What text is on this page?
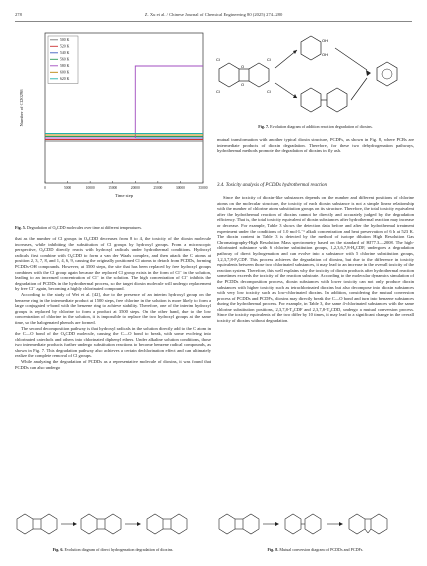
278	Z. Xu et al. / Chinese Journal of Chemical Engineering 80 (2025) 274–280
0	5000	10000	15000	20000	25000	30000	35000
Time step
Number of Cl20298
500 K
520 K
540 K
560 K
580 K
600 K
620 K
Fig. 5. Degradation of O₈CDD molecules over time at different temperatures.
O
O
Cl	Cl
Cl	Cl
OH
OH
Fig. 7. Evolution diagram of addition reaction degradation of dioxins.

that as the number of Cl groups in O₈CDD decreases from 8 to 4, the toxicity of the dioxin molecule increases, while inhibiting the substitution of Cl groups by hydroxyl groups. From a microscopic perspective, O₈CDD directly reacts with hydroxyl radicals under hydrothermal conditions. Hydroxyl radicals first combine with O₈CDD to form a van der Waals complex, and then attack the C atoms at position 2, 3, 7, 8, and 1, 4, 6, 9, causing the originally positioned Cl atoms to detach from PCDDs, forming PCDDs-OH compounds. However, at 3500 steps, the site that has been replaced by free hydroxyl groups combines with the Cl group again because the replaced Cl group exists in the form of Cl⁻ in the solution, leading to an increased concentration of Cl⁻ in the solution. The high concentration of Cl⁻ inhibits the degradation of PCDDs in the hydrothermal process, so the target dioxin molecule will undergo replacement by free Cl⁻ again, becoming a highly chlorinated compound.

According to the study of Wei et al. [42], due to the presence of an interim hydroxyl group on the benzene ring in the intermediate product at 1500 steps, free chlorine in the solution is more likely to form a large conjugated π-bond with the benzene ring to achieve stability. Therefore, one of the interim hydroxyl groups is replaced by chlorine to form a product at 3500 steps. On the other hand, due to the low concentration of chlorine in the solution, it is impossible to replace the two hydroxyl groups at the same time, so the halogenated phenols are formed.

The second decomposition pathway is that hydroxyl radicals in the solution directly add to the C atom in the C—O bond of the O₈CDD molecule, causing the C—O bond to break, with some evolving into chlorinated catechols and others into chlorinated diphenyl ethers. Under alkaline solution conditions, those two intermediate products further undergo substitution reactions to become benzene radical compounds, as shown in Fig. 7. This degradation pathway also achieves a certain dechlorination effect and can ultimately realize the complete removal of Cl groups.

While analyzing the degradation of PCDDs as a representative molecule of dioxins, it was found that PCDDs can also undergo

mutual transformation with another typical dioxin structure, PCDFs, as shown in Fig. 8, where PCBs are intermediate products of dioxin degradation. Therefore, for these two dehydrogenation pathways, hydrothermal methods promote the degradation of dioxins in fly ash.

3.4. Toxicity analysis of PCDDs hydrothermal reaction

Since the toxicity of dioxin-like substances depends on the number and different positions of chlorine atoms on the molecular structure, the toxicity of each dioxin substance is not a simple linear relationship with the number of chlorine atom substitution groups on its structure. Therefore, the total toxicity equivalent after the hydrothermal reaction of dioxins cannot be directly and accurately judged by the degradation efficiency. That is, the total toxicity equivalent of dioxin substances after hydrothermal reaction may increase or decrease. For example, Table 3 shows the detection data before and after the hydrothermal treatment experiment under the conditions of 1.0 mol·L⁻¹ alkali concentration and heat preservation of 6 h at 523 K. The dioxin content in Table 3 is detected by the method of isotope dilution High Resolution Gas Chromatography-High Resolution Mass spectrometry based on the standard of HJ77.3—2008. The high-chlorinated substance with 6 chlorine substitution groups, 1,2,3,6,7,8-H₆CDF, undergoes a degradation pathway of direct hydrogenation and can evolve into a substance with 5 chlorine substitution groups, 1,2,3,7,8-P₅CDF. This process achieves the degradation of dioxins, but due to the difference in toxicity equivalents between those two chlorinated substances, it may lead to an increase in the overall toxicity of the reaction system. Therefore, this well explains why the toxicity of dioxin products after hydrothermal reaction sometimes exceeds the toxicity of the reaction substrate. According to the molecular dynamics simulation of the PCDDs decomposition process, dioxin substances with lower toxicity can not only produce dioxin substances with higher toxicity such as tetrachlorinated dioxins but also decompose into dioxin substances with very low toxicity such as low-chlorinated dioxins. In addition, considering the mutual conversion process of PCDDs and PCDFs, dioxins may directly break the C—O bond and turn into benzene substances during the hydrothermal process. For example, in Table 3, the same 4-chlorinated substances with the same chlorine substitution positions, 2,3,7,8-T₄CDF and 2,3,7,8-T₄CDD, undergo a mutual conversion process. Since the toxicity equivalents of the two differ by 10 times, it may lead to a significant change in the overall toxicity of dioxins without degradation.

Fig. 6. Evolution diagram of direct hydrogenation degradation of dioxins.	Fig. 8. Mutual conversion diagram of PCDDs and PCDFs.
